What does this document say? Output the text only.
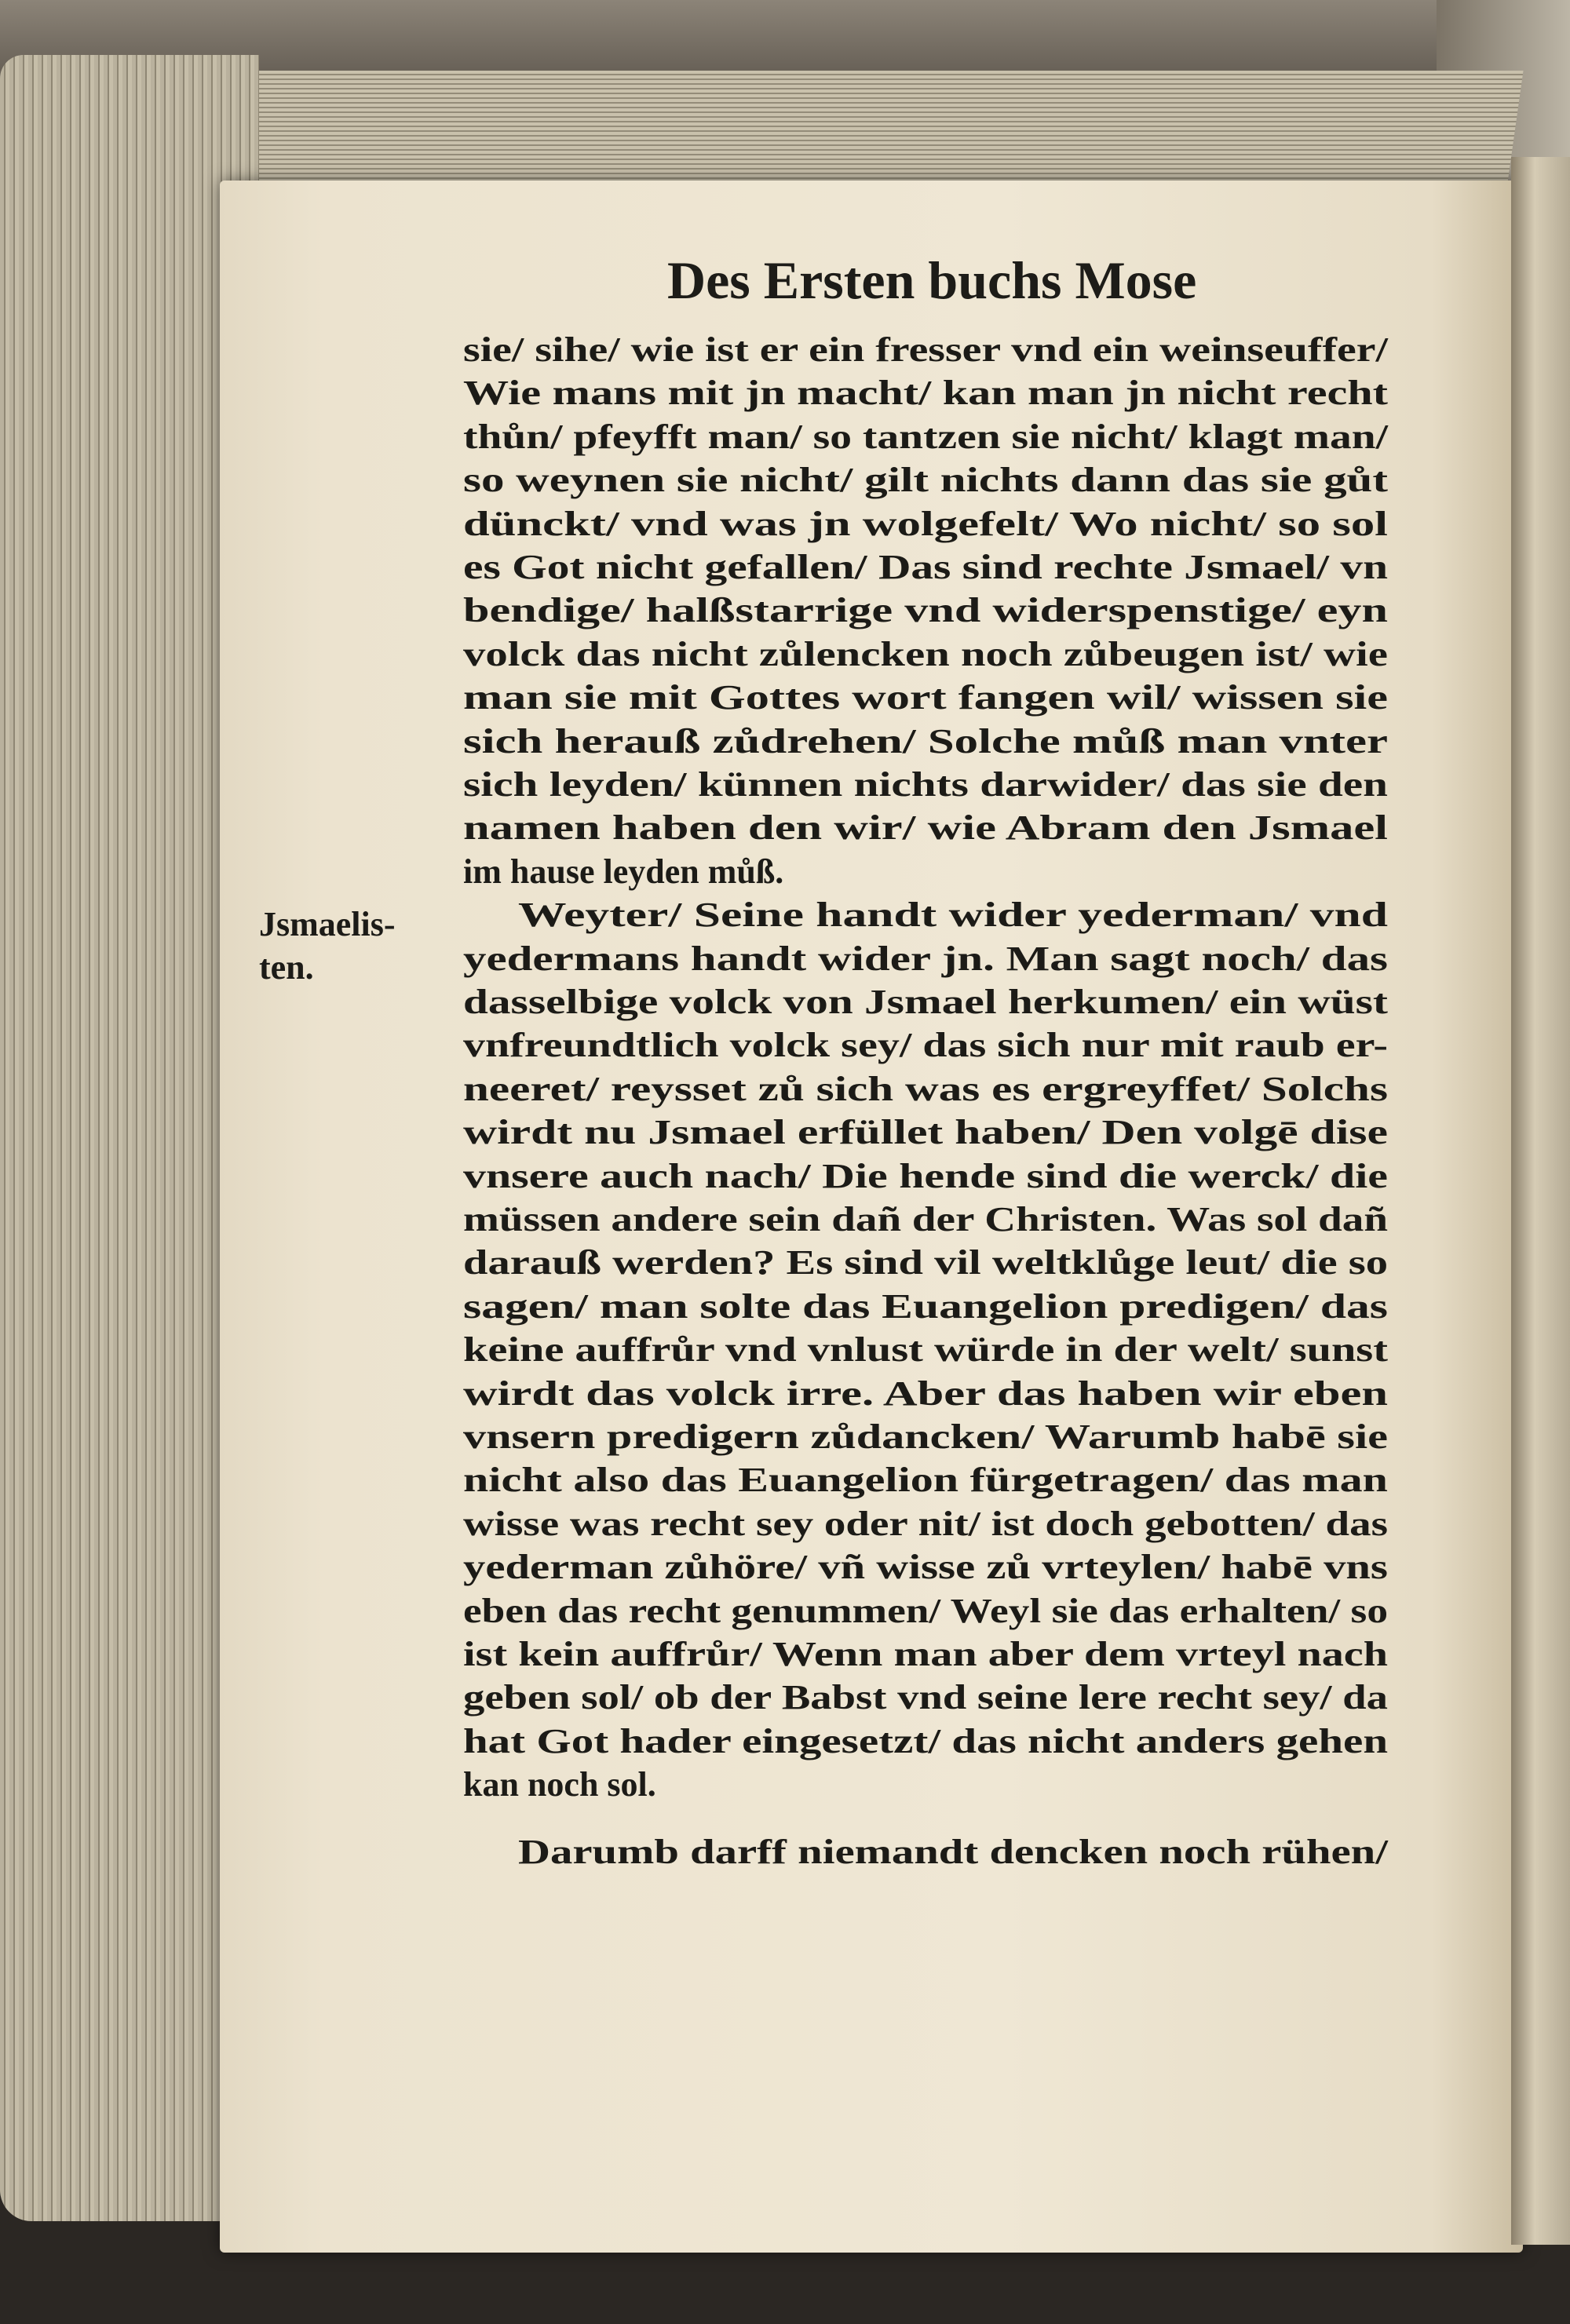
Des Ersten buchs Mose
Jsmaelis-
ten.
sie/ sihe/ wie ist er ein fresser vnd ein weinseuffer/
Wie mans mit jn macht/ kan man jn nicht recht
thůn/ pfeyfft man/ so tantzen sie nicht/ klagt man/
so weynen sie nicht/ gilt nichts dann das sie gůt
dünckt/ vnd was jn wolgefelt/ Wo nicht/ so sol
es Got nicht gefallen/ Das sind rechte Jsmael/ vn
bendige/ halßstarrige vnd widerspenstige/ eyn
volck das nicht zůlencken noch zůbeugen ist/ wie
man sie mit Gottes wort fangen wil/ wissen sie
sich herauß zůdrehen/ Solche můß man vnter
sich leyden/ künnen nichts darwider/ das sie den
namen haben den wir/ wie Abram den Jsmael
im hause leyden můß.
Weyter/ Seine handt wider yederman/ vnd
yedermans handt wider jn. Man sagt noch/ das
dasselbige volck von Jsmael herkumen/ ein wüst
vnfreundtlich volck sey/ das sich nur mit raub er-
neeret/ reysset zů sich was es ergreyffet/ Solchs
wirdt nu Jsmael erfüllet haben/ Den volgē dise
vnsere auch nach/ Die hende sind die werck/ die
müssen andere sein dañ der Christen. Was sol dañ
darauß werden? Es sind vil weltklůge leut/ die so
sagen/ man solte das Euangelion predigen/ das
keine auffrůr vnd vnlust würde in der welt/ sunst
wirdt das volck irre. Aber das haben wir eben
vnsern predigern zůdancken/ Warumb habē sie
nicht also das Euangelion fürgetragen/ das man
wisse was recht sey oder nit/ ist doch gebotten/ das
yederman zůhöre/ vñ wisse zů vrteylen/ habē vns
eben das recht genummen/ Weyl sie das erhalten/ so
ist kein auffrůr/ Wenn man aber dem vrteyl nach
geben sol/ ob der Babst vnd seine lere recht sey/ da
hat Got hader eingesetzt/ das nicht anders gehen
kan noch sol.
Darumb darff niemandt dencken noch rühen/
